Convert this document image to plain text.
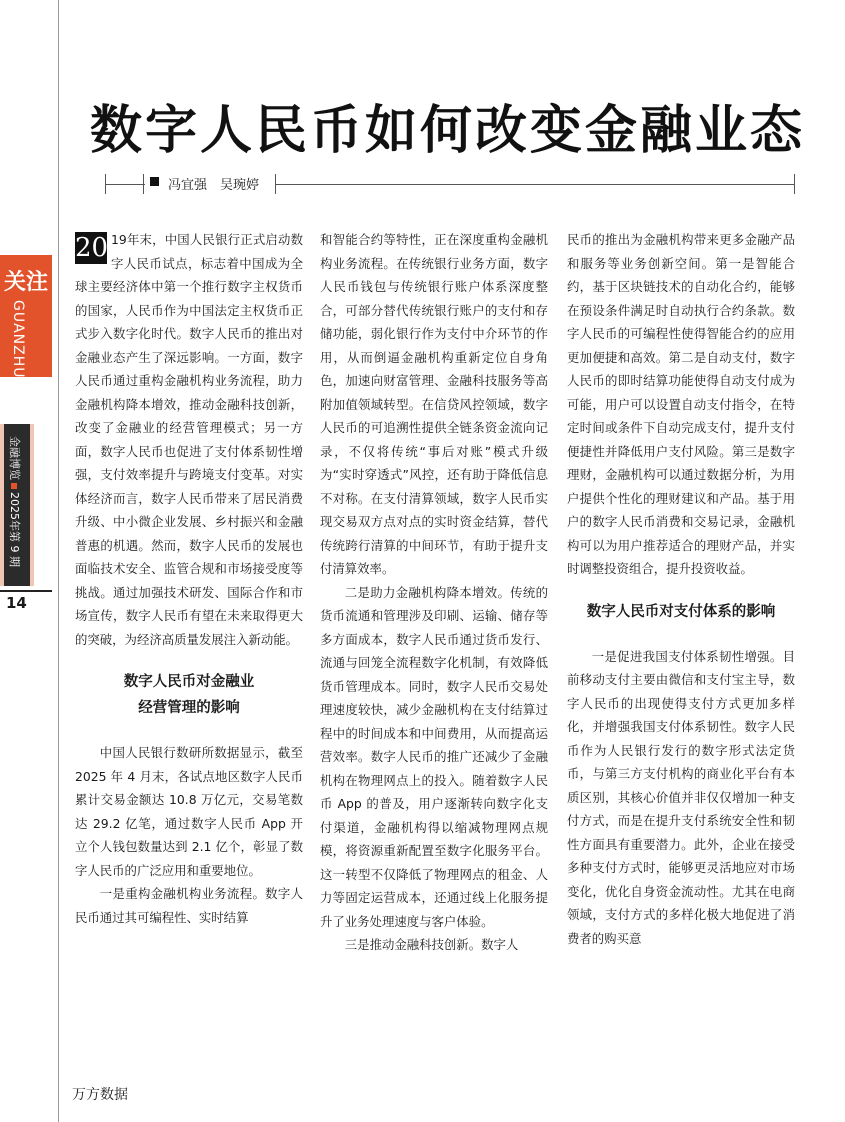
关注
GUANZHU
金融博览2025年第 9 期
14
数字人民币如何改变金融业态
冯宜强　吴琬婷

20 19年末，中国人民银行正式启动数字人民币试点，标志着中国成为全球主要经济体中第一个推行数字主权货币的国家，人民币作为中国法定主权货币正式步入数字化时代。数字人民币的推出对金融业态产生了深远影响。一方面，数字人民币通过重构金融机构业务流程，助力金融机构降本增效，推动金融科技创新，改变了金融业的经营管理模式；另一方面，数字人民币也促进了支付体系韧性增强，支付效率提升与跨境支付变革。对实体经济而言，数字人民币带来了居民消费升级、中小微企业发展、乡村振兴和金融普惠的机遇。然而，数字人民币的发展也面临技术安全、监管合规和市场接受度等挑战。通过加强技术研发、国际合作和市场宣传，数字人民币有望在未来取得更大的突破，为经济高质量发展注入新动能。

数字人民币对金融业
经营管理的影响

中国人民银行数研所数据显示，截至 2025 年 4 月末，各试点地区数字人民币累计交易金额达 10.8 万亿元，交易笔数达 29.2 亿笔，通过数字人民币 App 开立个人钱包数量达到 2.1 亿个，彰显了数字人民币的广泛应用和重要地位。

一是重构金融机构业务流程。数字人民币通过其可编程性、实时结算

和智能合约等特性，正在深度重构金融机构业务流程。在传统银行业务方面，数字人民币钱包与传统银行账户体系深度整合，可部分替代传统银行账户的支付和存储功能，弱化银行作为支付中介环节的作用，从而倒逼金融机构重新定位自身角色，加速向财富管理、金融科技服务等高附加值领域转型。在信贷风控领域，数字人民币的可追溯性提供全链条资金流向记录，不仅将传统“事后对账”模式升级为“实时穿透式”风控，还有助于降低信息不对称。在支付清算领域，数字人民币实现交易双方点对点的实时资金结算，替代传统跨行清算的中间环节，有助于提升支付清算效率。

二是助力金融机构降本增效。传统的货币流通和管理涉及印刷、运输、储存等多方面成本，数字人民币通过货币发行、流通与回笼全流程数字化机制，有效降低货币管理成本。同时，数字人民币交易处理速度较快，减少金融机构在支付结算过程中的时间成本和中间费用，从而提高运营效率。数字人民币的推广还减少了金融机构在物理网点上的投入。随着数字人民币 App 的普及，用户逐渐转向数字化支付渠道，金融机构得以缩减物理网点规模，将资源重新配置至数字化服务平台。这一转型不仅降低了物理网点的租金、人力等固定运营成本，还通过线上化服务提升了业务处理速度与客户体验。

三是推动金融科技创新。数字人

民币的推出为金融机构带来更多金融产品和服务等业务创新空间。第一是智能合约，基于区块链技术的自动化合约，能够在预设条件满足时自动执行合约条款。数字人民币的可编程性使得智能合约的应用更加便捷和高效。第二是自动支付，数字人民币的即时结算功能使得自动支付成为可能，用户可以设置自动支付指令，在特定时间或条件下自动完成支付，提升支付便捷性并降低用户支付风险。第三是数字理财，金融机构可以通过数据分析，为用户提供个性化的理财建议和产品。基于用户的数字人民币消费和交易记录，金融机构可以为用户推荐适合的理财产品，并实时调整投资组合，提升投资收益。

数字人民币对支付体系的影响

一是促进我国支付体系韧性增强。目前移动支付主要由微信和支付宝主导，数字人民币的出现使得支付方式更加多样化，并增强我国支付体系韧性。数字人民币作为人民银行发行的数字形式法定货币，与第三方支付机构的商业化平台有本质区别，其核心价值并非仅仅增加一种支付方式，而是在提升支付系统安全性和韧性方面具有重要潜力。此外，企业在接受多种支付方式时，能够更灵活地应对市场变化，优化自身资金流动性。尤其在电商领域，支付方式的多样化极大地促进了消费者的购买意

万方数据
